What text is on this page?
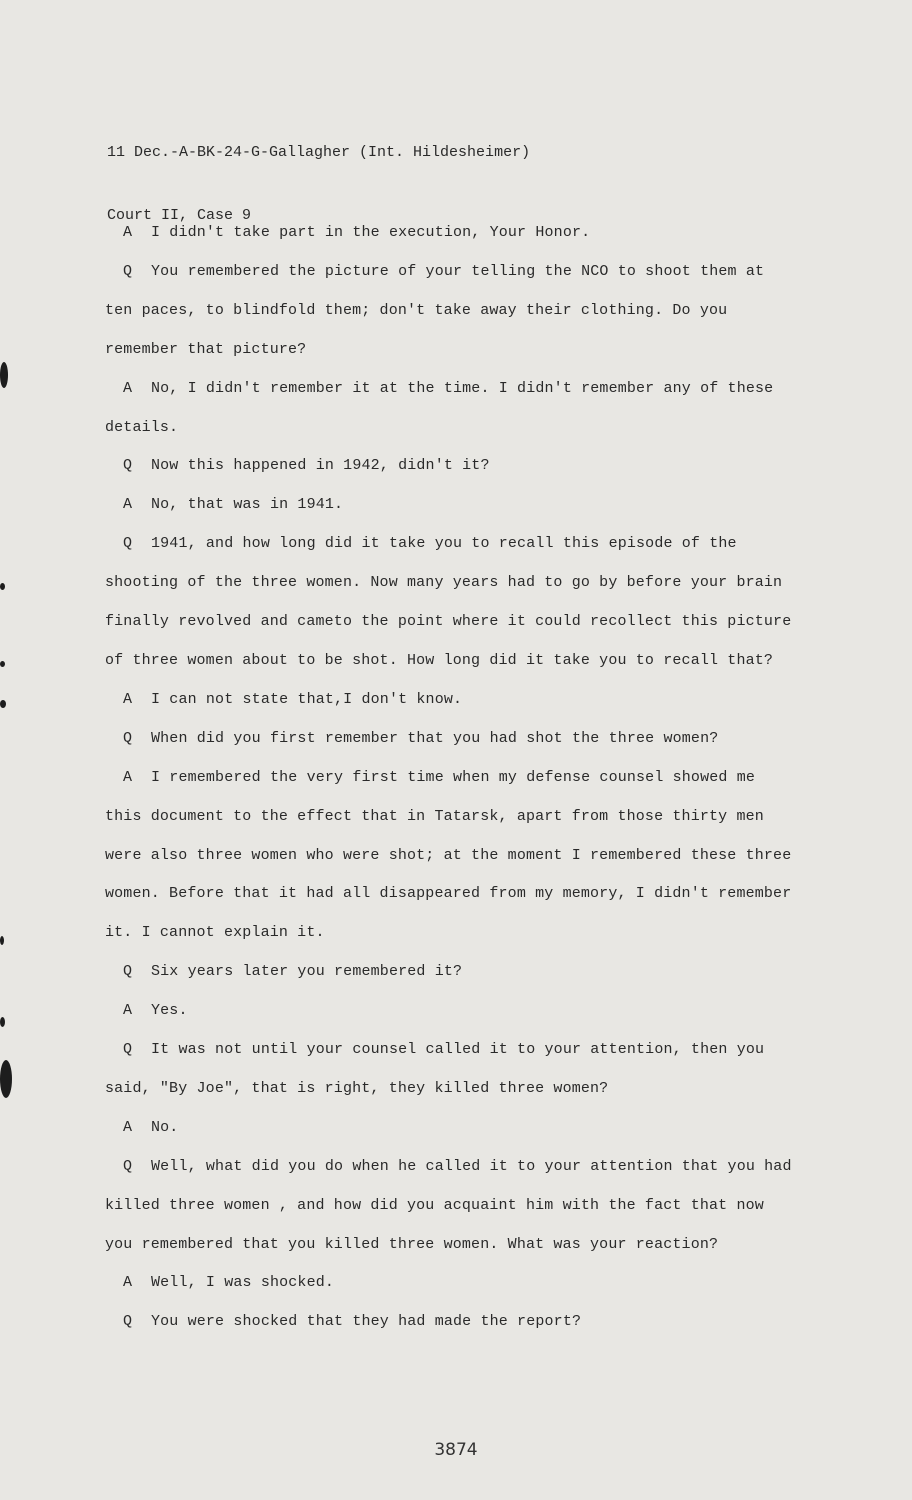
11 Dec.-A-BK-24-G-Gallagher (Int. Hildesheimer)

Court II, Case 9

A I didn't take part in the execution, Your Honor.

Q You remembered the picture of your telling the NCO to shoot them at ten paces, to blindfold them; don't take away their clothing. Do you remember that picture?

A No, I didn't remember it at the time. I didn't remember any of these details.

Q Now this happened in 1942, didn't it?

A No, that was in 1941.

Q 1941, and how long did it take you to recall this episode of the shooting of the three women. Now many years had to go by before your brain finally revolved and cameto the point where it could recollect this picture of three women about to be shot. How long did it take you to recall that?

A I can not state that,I don't know.

Q When did you first remember that you had shot the three women?

A I remembered the very first time when my defense counsel showed me this document to the effect that in Tatarsk, apart from those thirty men were also three women who were shot; at the moment I remembered these three women. Before that it had all disappeared from my memory, I didn't remember it. I cannot explain it.

Q Six years later you remembered it?

A Yes.

Q It was not until your counsel called it to your attention, then you said, "By Joe", that is right, they killed three women?

A No.

Q Well, what did you do when he called it to your attention that you had killed three women , and how did you acquaint him with the fact that now you remembered that you killed three women. What was your reaction?

A Well, I was shocked.

Q You were shocked that they had made the report?

3874
